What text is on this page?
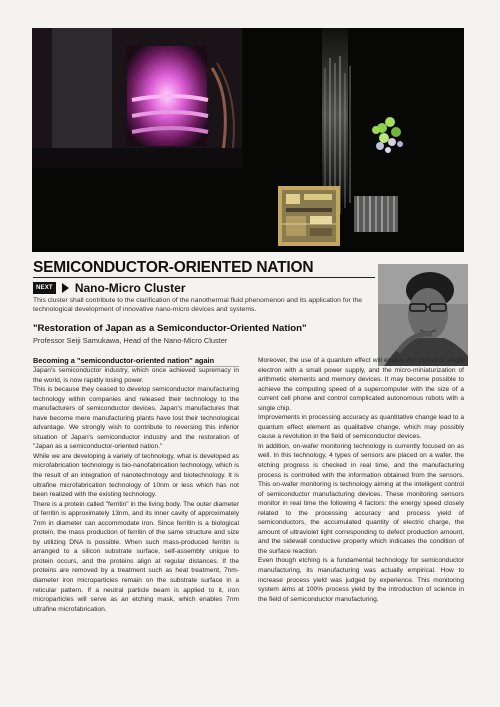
SEMICONDUCTOR-ORIENTED NATION
NEXT Nano-Micro Cluster
This cluster shall contribute to the clarification of the nanothermal fluid phenomenon and its application for the technological development of innovative nano-micro devices and systems.
"Restoration of Japan as a Semiconductor-Oriented Nation"
Professor Seiji Samukawa, Head of the Nano-Micro Cluster

Becoming a "semiconductor-oriented nation" again

Japan's semiconductor industry, which once achieved supremacy in the world, is now rapidly losing power.

This is because they ceased to develop semiconductor manufacturing technology within companies and released their technology to the manufacturers of semiconductor devices. Japan's manufactures that have become mere manufacturing plants have lost their technological advantage. We strongly wish to contribute to reversing this inferior situation of Japan's semiconductor industry and the restoration of "Japan as a semiconductor-oriented nation."

While we are developing a variety of technology, what is developed as microfabrication technology is bio-nanofabrication technology, which is the result of an integration of nanotechnology and biotechnology. It is ultrafine microfabrication technology of 10nm or less which has not been realized with the existing technology.

There is a protein called "ferritin" in the living body. The outer diameter of ferritin is approximately 13nm, and its inner cavity of approximately 7nm in diameter can accommodate iron. Since ferritin is a biological protein, the mass production of ferritin of the same structure and size by utilizing DNA is possible. When such mass-produced ferritin is arranged to a silicon substrate surface, self-assembly unique to protein occurs, and the proteins align at regular distances. If the proteins are removed by a treatment such as heat treatment, 7nm-diameter iron microparticles remain on the substrate surface in a reticular pattern. If a neutral particle beam is applied to it, iron microparticles will serve as an etching mask, which enables 7nm ultrafine microfabrication.

Moreover, the use of a quantum effect will enable the control of single electron with a small power supply, and the micro-miniaturization of arithmetic elements and memory devices. It may become possible to achieve the computing speed of a supercomputer with the size of a current cell phone and control complicated autonomous robots with a single chip.

Improvements in processing accuracy as quantitative change lead to a quantum effect element as qualitative change, which may possibly cause a revolution in the field of semiconductor devices.

In addition, on-wafer monitoring technology is currently focused on as well. In this technology, 4 types of sensors are placed on a wafer, the etching progress is checked in real time, and the manufacturing process is controlled with the information obtained from the sensors. This on-wafer monitoring is technology aiming at the intelligent control of semiconductor manufacturing devices. These monitoring sensors monitor in real time the following 4 factors: the energy speed closely related to the processing accuracy and process yield of semiconductors, the accumulated quantity of electric charge, the amount of ultraviolet light corresponding to defect production amount, and the sidewall conductive property which indicates the condition of the surface reaction.

Even though etching is a fundamental technology for semiconductor manufacturing, its manufacturing was actually empirical. How to increase process yield was judged by experience. This monitoring system aims at 100% process yield by the introduction of science in the field of semiconductor manufacturing.
